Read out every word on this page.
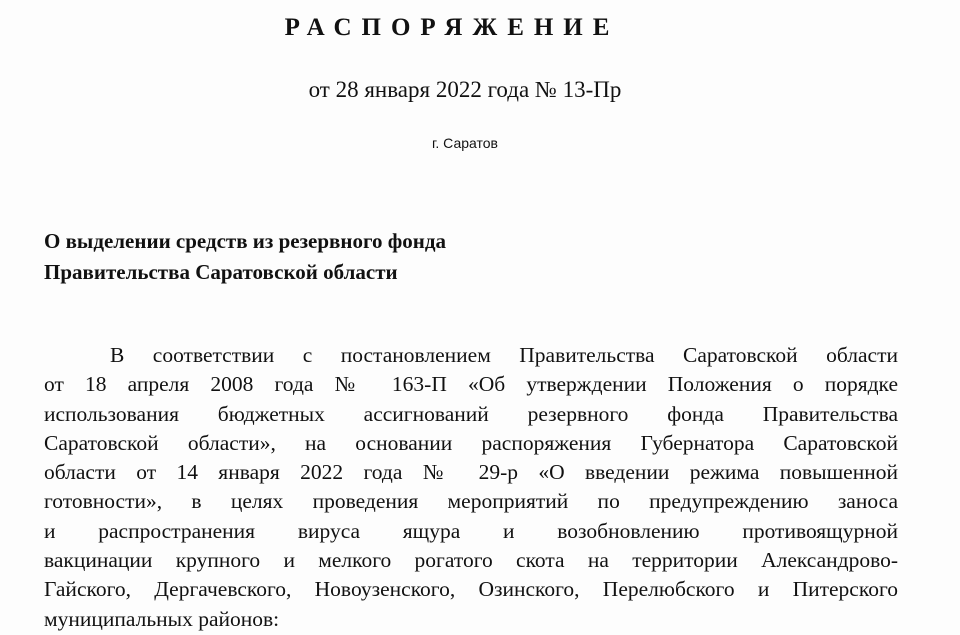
РАСПОРЯЖЕНИЕ
от 28 января 2022 года № 13-Пр
г. Саратов
О выделении средств из резервного фонда
Правительства Саратовской области
В соответствии с постановлением Правительства Саратовской области
от 18 апреля 2008 года № 163-П «Об утверждении Положения о порядке
использования бюджетных ассигнований резервного фонда Правительства
Саратовской области», на основании распоряжения Губернатора Саратовской
области от 14 января 2022 года № 29-р «О введении режима повышенной
готовности», в целях проведения мероприятий по предупреждению заноса
и распространения вируса ящура и возобновлению противоящурной
вакцинации крупного и мелкого рогатого скота на территории Александрово-
Гайского, Дергачевского, Новоузенского, Озинского, Перелюбского и Питерского
муниципальных районов:
